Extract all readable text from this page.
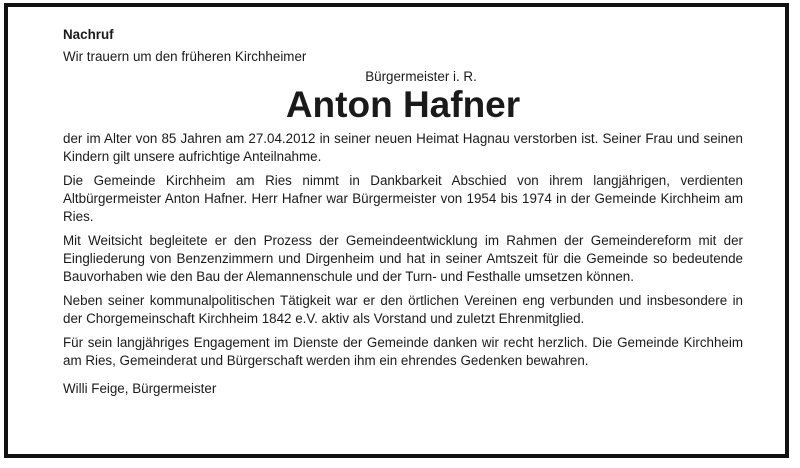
Nachruf

Wir trauern um den früheren Kirchheimer

Bürgermeister i. R.
Anton Hafner

der im Alter von 85 Jahren am 27.04.2012 in seiner neuen Heimat Hagnau verstorben ist. Seiner Frau und seinen Kindern gilt unsere aufrichtige Anteilnahme.

Die Gemeinde Kirchheim am Ries nimmt in Dankbarkeit Abschied von ihrem langjährigen, verdienten Altbürgermeister Anton Hafner. Herr Hafner war Bürgermeister von 1954 bis 1974 in der Gemeinde Kirchheim am Ries.

Mit Weitsicht begleitete er den Prozess der Gemeindeentwicklung im Rahmen der Gemeindereform mit der Eingliederung von Benzenzimmern und Dirgenheim und hat in seiner Amtszeit für die Gemeinde so bedeutende Bauvorhaben wie den Bau der Alemannenschule und der Turn- und Festhalle umsetzen können.

Neben seiner kommunalpolitischen Tätigkeit war er den örtlichen Vereinen eng verbunden und insbesondere in der Chorgemeinschaft Kirchheim 1842 e.V. aktiv als Vorstand und zuletzt Ehrenmitglied.

Für sein langjähriges Engagement im Dienste der Gemeinde danken wir recht herzlich. Die Gemeinde Kirchheim am Ries, Gemeinderat und Bürgerschaft werden ihm ein ehrendes Gedenken bewahren.

Willi Feige, Bürgermeister
